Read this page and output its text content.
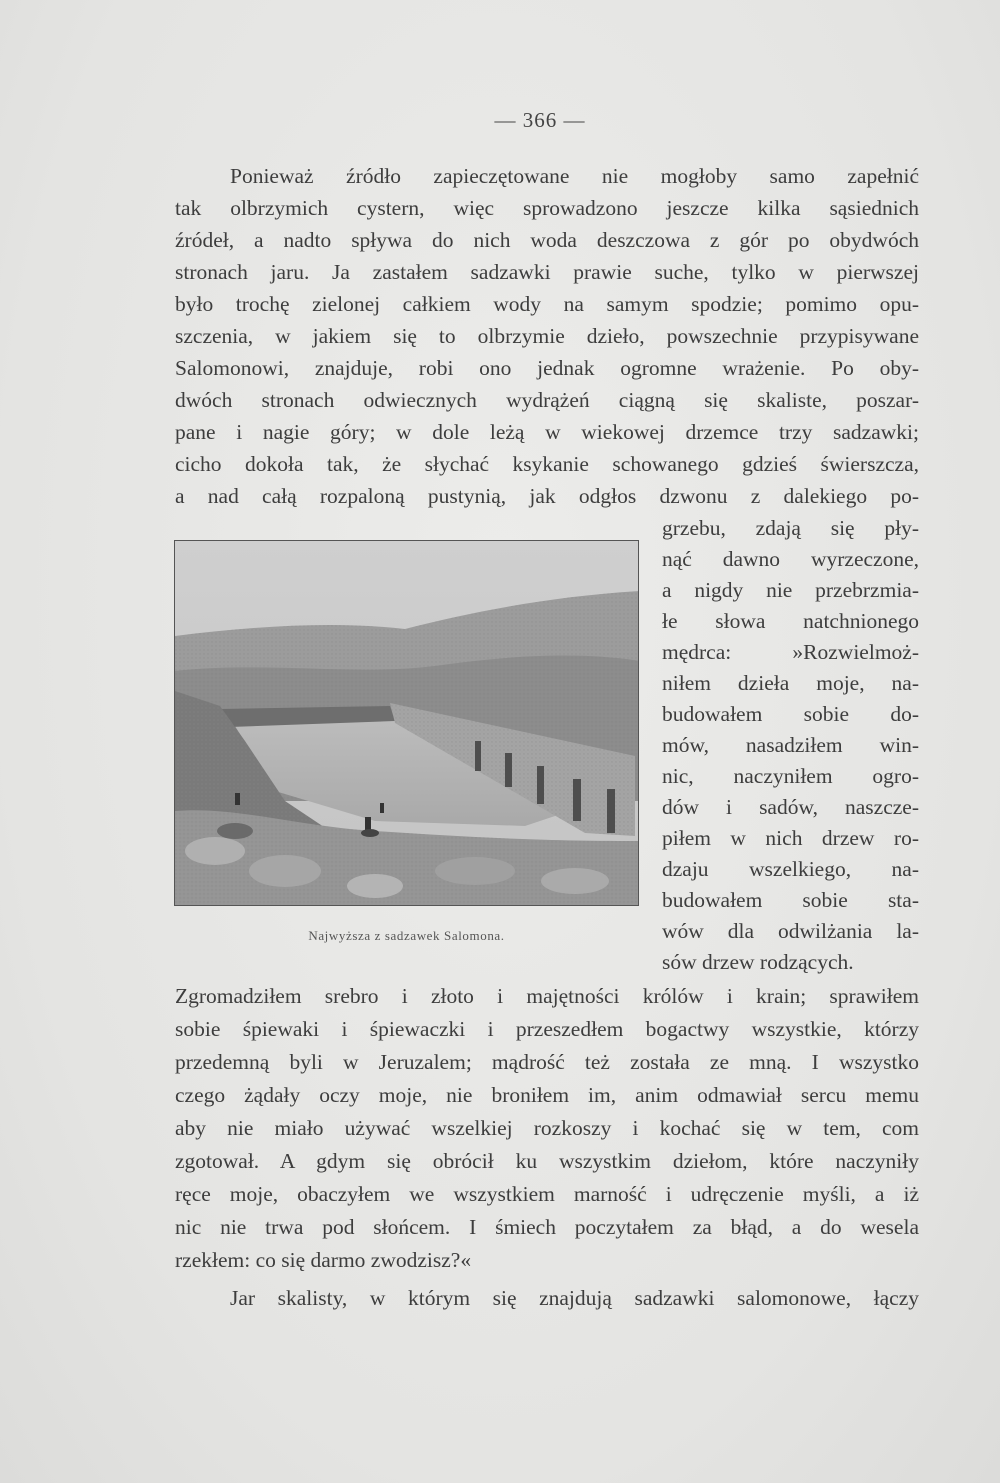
— 366 —
Ponieważ źródło zapieczętowane nie mogłoby samo zapełnić
tak olbrzymich cystern, więc sprowadzono jeszcze kilka sąsiednich
źródeł, a nadto spływa do nich woda deszczowa z gór po obydwóch
stronach jaru. Ja zastałem sadzawki prawie suche, tylko w pierwszej
było trochę zielonej całkiem wody na samym spodzie; pomimo opu-
szczenia, w jakiem się to olbrzymie dzieło, powszechnie przypisywane
Salomonowi, znajduje, robi ono jednak ogromne wrażenie. Po oby-
dwóch stronach odwiecznych wydrążeń ciągną się skaliste, poszar-
pane i nagie góry; w dole leżą w wiekowej drzemce trzy sadzawki;
cicho dokoła tak, że słychać ksykanie schowanego gdzieś świerszcza,
a nad całą rozpaloną pustynią, jak odgłos dzwonu z dalekiego po-
grzebu, zdają się pły-
nąć dawno wyrzeczone,
a nigdy nie przebrzmia-
łe słowa natchnionego
mędrca: »Rozwielmoż-
niłem dzieła moje, na-
budowałem sobie do-
mów, nasadziłem win-
nic, naczyniłem ogro-
dów i sadów, naszcze-
piłem w nich drzew ro-
dzaju wszelkiego, na-
budowałem sobie sta-
wów dla odwilżania la-
sów drzew rodzących.
Najwyższa z sadzawek Salomona.
Zgromadziłem srebro i złoto i majętności królów i krain; sprawiłem
sobie śpiewaki i śpiewaczki i przeszedłem bogactwy wszystkie, którzy
przedemną byli w Jeruzalem; mądrość też została ze mną. I wszystko
czego żądały oczy moje, nie broniłem im, anim odmawiał sercu memu
aby nie miało używać wszelkiej rozkoszy i kochać się w tem, com
zgotował. A gdym się obrócił ku wszystkim dziełom, które naczyniły
ręce moje, obaczyłem we wszystkiem marność i udręczenie myśli, a iż
nic nie trwa pod słońcem. I śmiech poczytałem za błąd, a do wesela
rzekłem: co się darmo zwodzisz?«
Jar skalisty, w którym się znajdują sadzawki salomonowe, łączy
